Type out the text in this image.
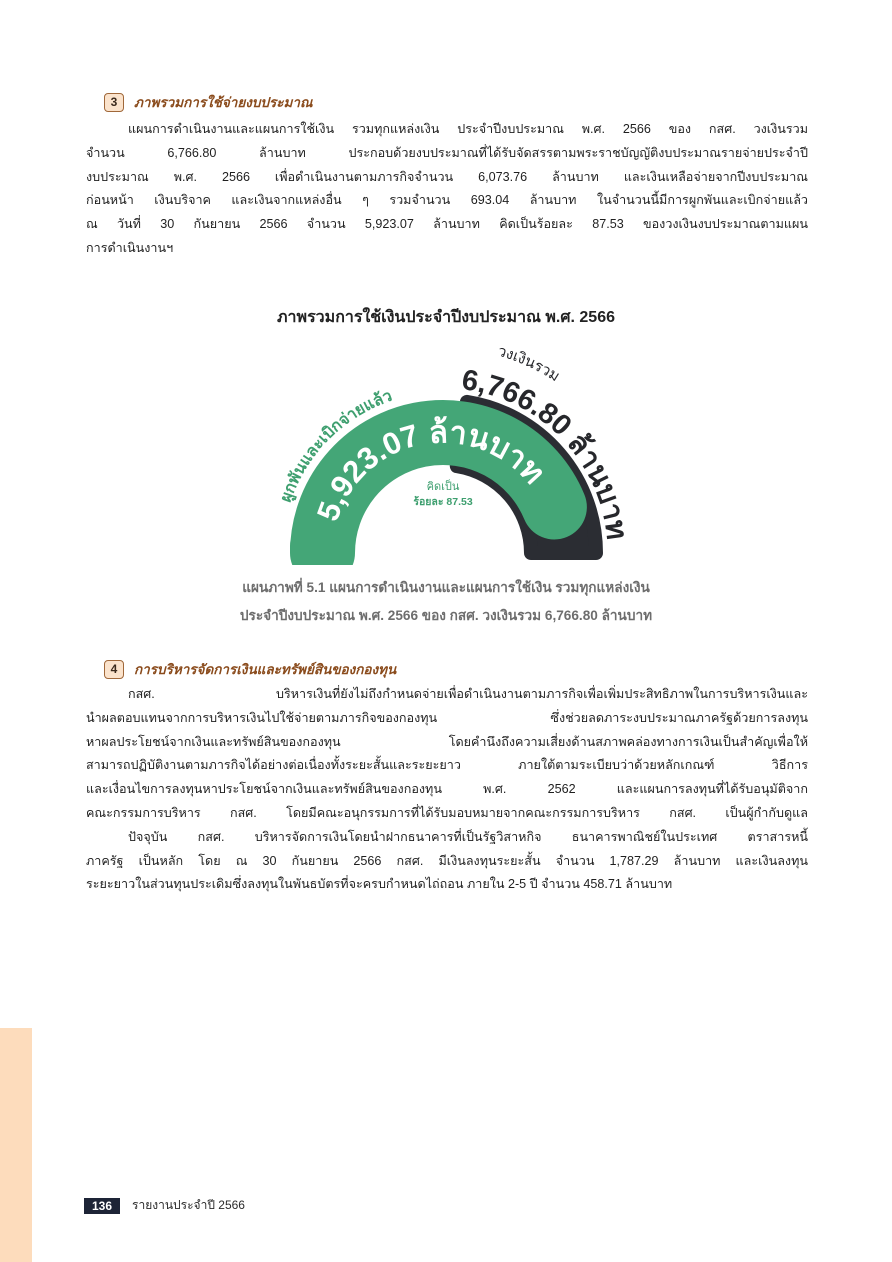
3	ภาพรวมการใช้จ่ายงบประมาณ
แผนการดำเนินงานและแผนการใช้เงิน รวมทุกแหล่งเงิน ประจำปีงบประมาณ พ.ศ. 2566 ของ กสศ. วงเงินรวม
จำนวน 6,766.80 ล้านบาท ประกอบด้วยงบประมาณที่ได้รับจัดสรรตามพระราชบัญญัติงบประมาณรายจ่ายประจำปี
งบประมาณ พ.ศ. 2566 เพื่อดำเนินงานตามภารกิจจำนวน 6,073.76 ล้านบาท และเงินเหลือจ่ายจากปีงบประมาณ
ก่อนหน้า เงินบริจาค และเงินจากแหล่งอื่น ๆ รวมจำนวน 693.04 ล้านบาท ในจำนวนนี้มีการผูกพันและเบิกจ่ายแล้ว
ณ วันที่ 30 กันยายน 2566 จำนวน 5,923.07 ล้านบาท คิดเป็นร้อยละ 87.53 ของวงเงินงบประมาณตามแผน
การดำเนินงานฯ
ภาพรวมการใช้เงินประจำปีงบประมาณ พ.ศ. 2566
ผูกพันและเบิกจ่ายแล้ว
5,923.07 ล้านบาท
วงเงินรวม
6,766.80 ล้านบาท
คิดเป็น
ร้อยละ 87.53
แผนภาพที่ 5.1 แผนการดำเนินงานและแผนการใช้เงิน รวมทุกแหล่งเงิน
ประจำปีงบประมาณ พ.ศ. 2566 ของ กสศ. วงเงินรวม 6,766.80 ล้านบาท
4	การบริหารจัดการเงินและทรัพย์สินของกองทุน
กสศ. บริหารเงินที่ยังไม่ถึงกำหนดจ่ายเพื่อดำเนินงานตามภารกิจเพื่อเพิ่มประสิทธิภาพในการบริหารเงินและ
นำผลตอบแทนจากการบริหารเงินไปใช้จ่ายตามภารกิจของกองทุน ซึ่งช่วยลดภาระงบประมาณภาครัฐด้วยการลงทุน
หาผลประโยชน์จากเงินและทรัพย์สินของกองทุน โดยคำนึงถึงความเสี่ยงด้านสภาพคล่องทางการเงินเป็นสำคัญเพื่อให้
สามารถปฏิบัติงานตามภารกิจได้อย่างต่อเนื่องทั้งระยะสั้นและระยะยาว ภายใต้ตามระเบียบว่าด้วยหลักเกณฑ์ วิธีการ
และเงื่อนไขการลงทุนหาประโยชน์จากเงินและทรัพย์สินของกองทุน พ.ศ. 2562 และแผนการลงทุนที่ได้รับอนุมัติจาก
คณะกรรมการบริหาร กสศ. โดยมีคณะอนุกรรมการที่ได้รับมอบหมายจากคณะกรรมการบริหาร กสศ. เป็นผู้กำกับดูแล
ปัจจุบัน กสศ. บริหารจัดการเงินโดยนำฝากธนาคารที่เป็นรัฐวิสาหกิจ ธนาคารพาณิชย์ในประเทศ ตราสารหนี้
ภาครัฐ เป็นหลัก โดย ณ 30 กันยายน 2566 กสศ. มีเงินลงทุนระยะสั้น จำนวน 1,787.29 ล้านบาท และเงินลงทุน
ระยะยาวในส่วนทุนประเดิมซึ่งลงทุนในพันธบัตรที่จะครบกำหนดไถ่ถอน ภายใน 2-5 ปี จำนวน 458.71 ล้านบาท
136	รายงานประจำปี 2566
